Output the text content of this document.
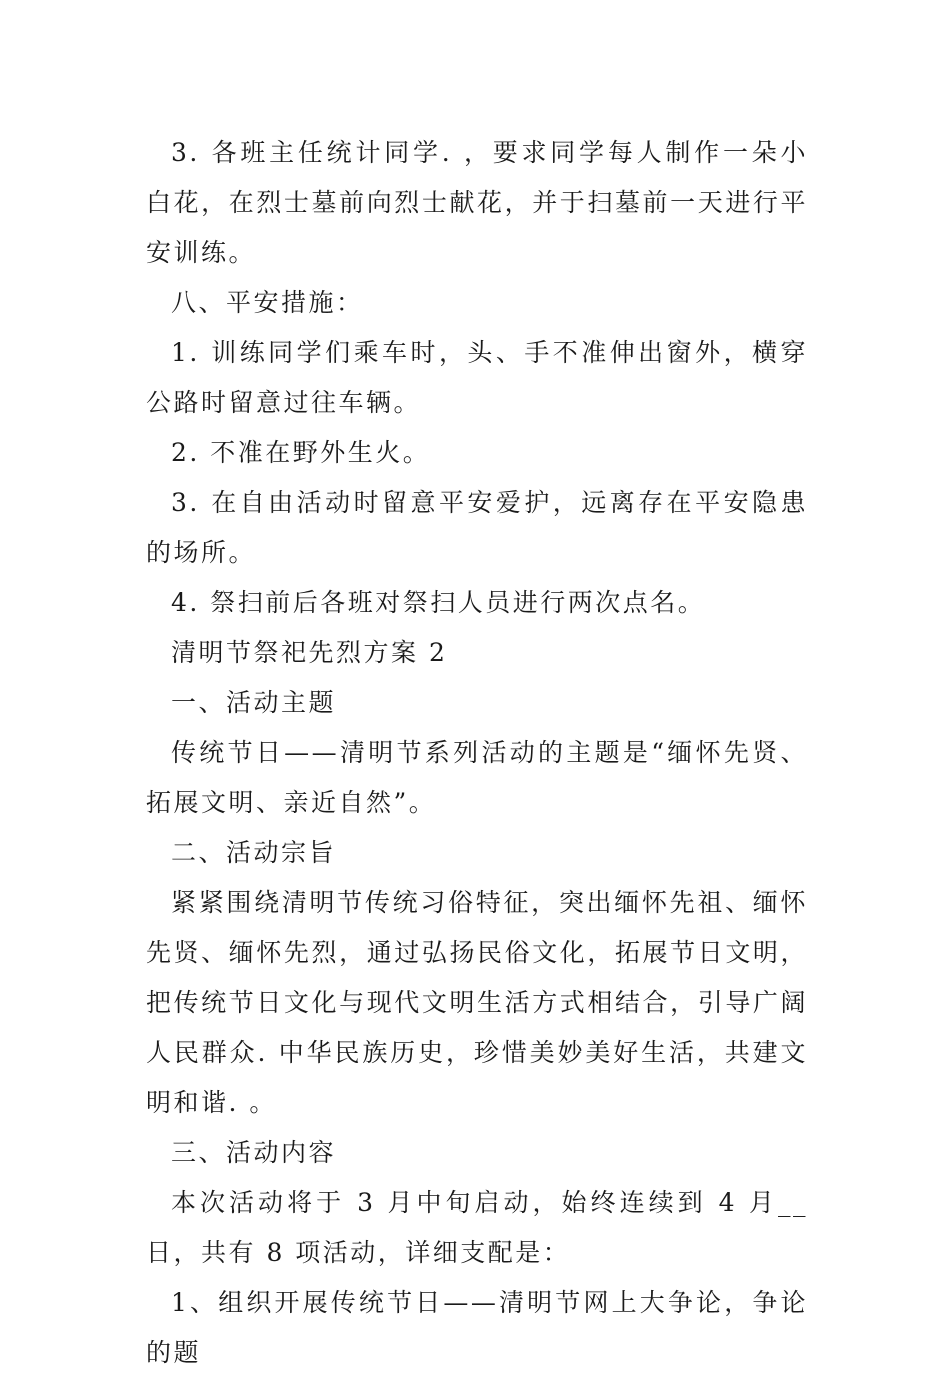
3. 各班主任统计同学. ，要求同学每人制作一朵小白花，在烈士墓前向烈士献花，并于扫墓前一天进行平安训练。

八、平安措施：

1. 训练同学们乘车时，头、手不准伸出窗外，横穿公路时留意过往车辆。

2. 不准在野外生火。

3. 在自由活动时留意平安爱护，远离存在平安隐患的场所。

4. 祭扫前后各班对祭扫人员进行两次点名。

清明节祭祀先烈方案 2

一、活动主题

传统节日——清明节系列活动的主题是“缅怀先贤、拓展文明、亲近自然”。

二、活动宗旨

紧紧围绕清明节传统习俗特征，突出缅怀先祖、缅怀先贤、缅怀先烈，通过弘扬民俗文化，拓展节日文明，把传统节日文化与现代文明生活方式相结合，引导广阔人民群众. 中华民族历史，珍惜美妙美好生活，共建文明和谐. 。

三、活动内容

本次活动将于 3 月中旬启动，始终连续到 4 月__日，共有 8 项活动，详细支配是：

1、组织开展传统节日——清明节网上大争论，争论的题
